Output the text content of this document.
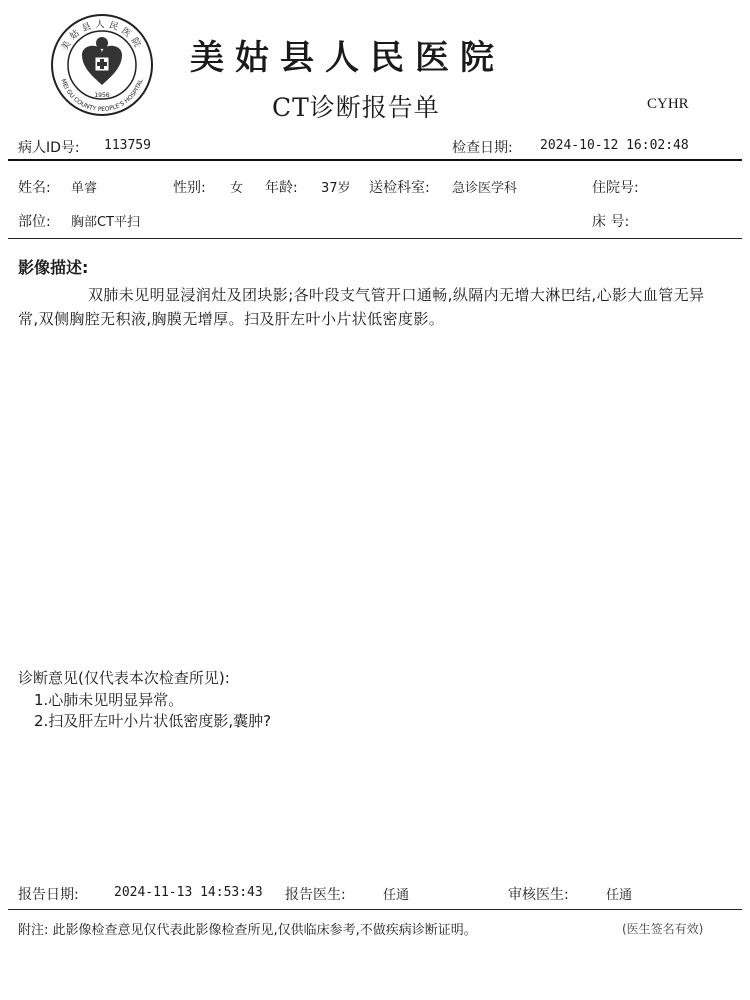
美姑县人民医院
MEI GU COUNTY PEOPLE'S HOSPITAL
1956
美姑县人民医院
CT诊断报告单	CYHR
病人ID号: 113759	检查日期: 2024-10-12 16:02:48
姓名: 单睿	性别: 女 年龄: 37岁 送检科室: 急诊医学科	住院号:
部位: 胸部CT平扫	床 号:
影像描述:
双肺未见明显浸润灶及团块影;各叶段支气管开口通畅,纵隔内无增大淋巴结,心影大血管无异常,双侧胸腔无积液,胸膜无增厚。扫及肝左叶小片状低密度影。
诊断意见(仅代表本次检查所见):
1.心肺未见明显异常。
2.扫及肝左叶小片状低密度影,囊肿?
报告日期:	2024-11-13 14:53:43 报告医生:	任通	审核医生:	任通
附注: 此影像检查意见仅代表此影像检查所见,仅供临床参考,不做疾病诊断证明。	(医生签名有效)
